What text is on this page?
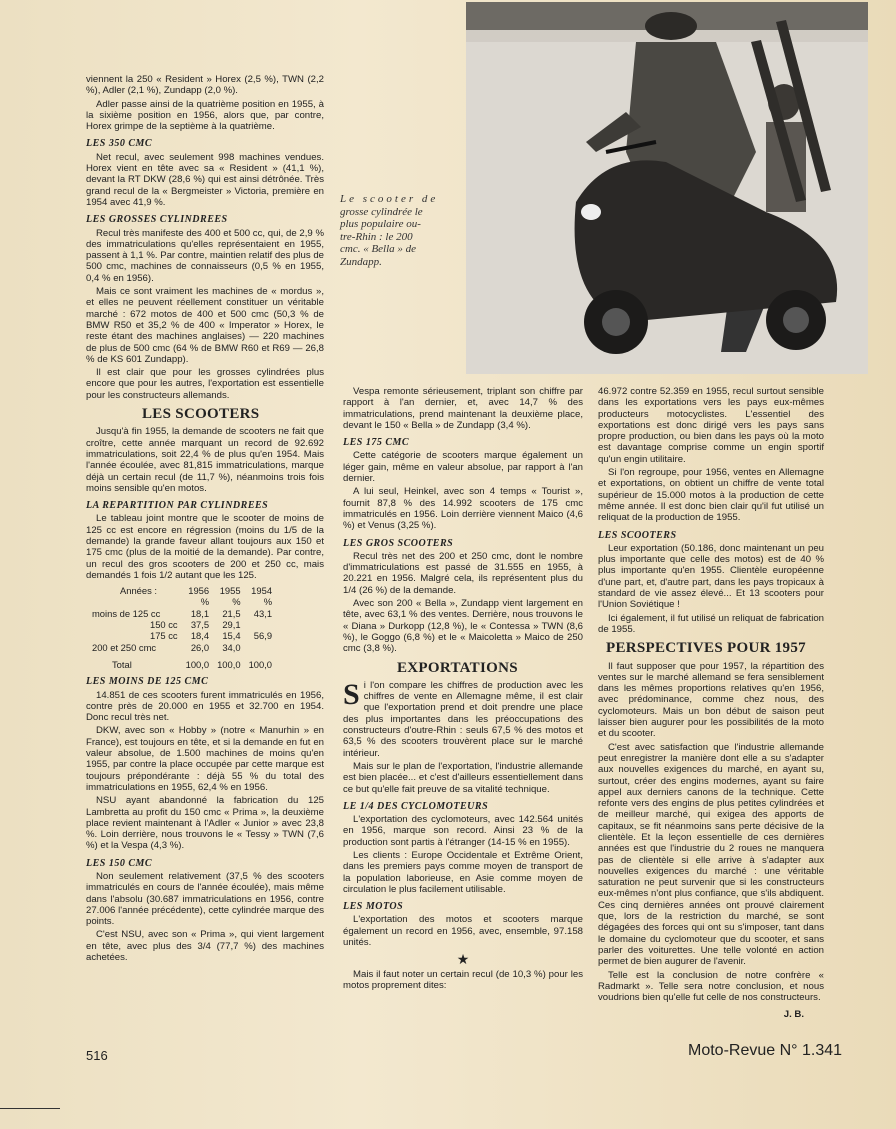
Le scooter de
grosse cylindrée le
plus populaire ou-
tre-Rhin : le 200
cmc. « Bella » de
Zundapp.

viennent la 250 « Resident » Horex (2,5 %), TWN (2,2 %), Adler (2,1 %), Zundapp (2,0 %).

Adler passe ainsi de la quatrième position en 1955, à la sixième position en 1956, alors que, par contre, Horex grimpe de la septième à la quatrième.

LES 350 CMC

Net recul, avec seulement 998 machines vendues. Horex vient en tête avec sa « Resident » (41,1 %), devant la RT DKW (28,6 %) qui est ainsi détrônée. Très grand recul de la « Bergmeister » Victoria, première en 1954 avec 41,9 %.

LES GROSSES CYLINDREES

Recul très manifeste des 400 et 500 cc, qui, de 2,9 % des immatriculations qu'elles représentaient en 1955, passent à 1,1 %. Par contre, maintien relatif des plus de 500 cmc, machines de connaisseurs (0,5 % en 1955, 0,4 % en 1956).

Mais ce sont vraiment les machines de « mordus », et elles ne peuvent réellement constituer un véritable marché : 672 motos de 400 et 500 cmc (50,3 % de BMW R50 et 35,2 % de 400 « Imperator » Horex, le reste étant des machines anglaises) — 220 machines de plus de 500 cmc (64 % de BMW R60 et R69 — 26,8 % de KS 601 Zundapp).

Il est clair que pour les grosses cylindrées plus encore que pour les autres, l'exportation est essentielle pour les constructeurs allemands.

LES SCOOTERS

Jusqu'à fin 1955, la demande de scooters ne fait que croître, cette année marquant un record de 92.692 immatriculations, soit 22,4 % de plus qu'en 1954. Mais l'année écoulée, avec 81,815 immatriculations, marque déjà un certain recul (de 11,7 %), néanmoins trois fois moins sensible qu'en motos.

LA REPARTITION PAR CYLINDREES

Le tableau joint montre que le scooter de moins de 125 cc est encore en régression (moins du 1/5 de la demande) la grande faveur allant toujours aux 150 et 175 cmc (plus de la moitié de la demande). Par contre, un recul des gros scooters de 200 et 250 cc, mais demandés 1 fois 1/2 autant que les 125.

Années :	1956	1955	1954
	%	%	%
moins de 125 cc	18,1	21,5	43,1
150 cc	37,5	29,1	
175 cc	18,4	15,4	56,9
200 et 250 cmc	26,0	34,0	
Total	100,0	100,0	100,0
LES MOINS DE 125 CMC

14.851 de ces scooters furent immatriculés en 1956, contre près de 20.000 en 1955 et 32.700 en 1954. Donc recul très net.

DKW, avec son « Hobby » (notre « Manurhin » en France), est toujours en tête, et si la demande en fut en valeur absolue, de 1.500 machines de moins qu'en 1955, par contre la place occupée par cette marque est toujours prépondérante : déjà 55 % du total des immatriculations en 1955, 62,4 % en 1956.

NSU ayant abandonné la fabrication du 125 Lambretta au profit du 150 cmc « Prima », la deuxième place revient maintenant à l'Adler « Junior » avec 23,8 %. Loin derrière, nous trouvons le « Tessy » TWN (7,6 %) et la Vespa (4,3 %).

LES 150 CMC

Non seulement relativement (37,5 % des scooters immatriculés en cours de l'année écoulée), mais même dans l'absolu (30.687 immatriculations en 1956, contre 27.006 l'année précédente), cette cylindrée marque des points.

C'est NSU, avec son « Prima », qui vient largement en tête, avec plus des 3/4 (77,7 %) des machines achetées.

Vespa remonte sérieusement, triplant son chiffre par rapport à l'an dernier, et, avec 14,7 % des immatriculations, prend maintenant la deuxième place, devant le 150 « Bella » de Zundapp (3,4 %).

LES 175 CMC

Cette catégorie de scooters marque également un léger gain, même en valeur absolue, par rapport à l'an dernier.

A lui seul, Heinkel, avec son 4 temps « Tourist », fournit 87,8 % des 14.992 scooters de 175 cmc immatriculés en 1956. Loin derrière viennent Maico (4,6 %) et Venus (3,25 %).

LES GROS SCOOTERS

Recul très net des 200 et 250 cmc, dont le nombre d'immatriculations est passé de 31.555 en 1955, à 20.221 en 1956. Malgré cela, ils représentent plus du 1/4 (26 %) de la demande.

Avec son 200 « Bella », Zundapp vient largement en tête, avec 63,1 % des ventes. Derrière, nous trouvons le « Diana » Durkopp (12,8 %), le « Contessa » TWN (8,6 %), le Goggo (6,8 %) et le « Maicoletta » Maico de 250 cmc (3,8 %).

EXPORTATIONS

Si l'on compare les chiffres de production avec les chiffres de vente en Allemagne même, il est clair que l'exportation prend et doit prendre une place des plus importantes dans les préoccupations des constructeurs d'outre-Rhin : seuls 67,5 % des motos et 63,5 % des scooters trouvèrent place sur le marché intérieur.

Mais sur le plan de l'exportation, l'industrie allemande est bien placée... et c'est d'ailleurs essentiellement dans ce but qu'elle fait preuve de sa vitalité technique.

LE 1/4 DES CYCLOMOTEURS

L'exportation des cyclomoteurs, avec 142.564 unités en 1956, marque son record. Ainsi 23 % de la production sont partis à l'étranger (14-15 % en 1955).

Les clients : Europe Occidentale et Extrême Orient, dans les premiers pays comme moyen de transport de la population laborieuse, en Asie comme moyen de circulation le plus facilement utilisable.

LES MOTOS

L'exportation des motos et scooters marque également un record en 1956, avec, ensemble, 97.158 unités.

★

Mais il faut noter un certain recul (de 10,3 %) pour les motos proprement dites:

46.972 contre 52.359 en 1955, recul surtout sensible dans les exportations vers les pays eux-mêmes producteurs motocyclistes. L'essentiel des exportations est donc dirigé vers les pays sans propre production, ou bien dans les pays où la moto est davantage comprise comme un engin sportif qu'un engin utilitaire.

Si l'on regroupe, pour 1956, ventes en Allemagne et exportations, on obtient un chiffre de vente total supérieur de 15.000 motos à la production de cette même année. Il est donc bien clair qu'il fut utilisé un reliquat de la production de 1955.

LES SCOOTERS

Leur exportation (50.186, donc maintenant un peu plus importante que celle des motos) est de 40 % plus importante qu'en 1955. Clientèle européenne d'une part, et, d'autre part, dans les pays tropicaux à standard de vie assez élevé... Et 13 scooters pour l'Union Soviétique !

Ici également, il fut utilisé un reliquat de fabrication de 1955.

PERSPECTIVES POUR 1957

Il faut supposer que pour 1957, la répartition des ventes sur le marché allemand se fera sensiblement dans les mêmes proportions relatives qu'en 1956, avec prédominance, comme chez nous, des cyclomoteurs. Mais un bon début de saison peut laisser bien augurer pour les possibilités de la moto et du scooter.

C'est avec satisfaction que l'industrie allemande peut enregistrer la manière dont elle a su s'adapter aux nouvelles exigences du marché, en ayant su, surtout, créer des engins modernes, ayant su faire appel aux derniers canons de la technique. Cette refonte vers des engins de plus petites cylindrées et de meilleur marché, qui exigea des apports de capitaux, se fit néanmoins sans perte décisive de la clientèle. Et la leçon essentielle de ces dernières années est que l'industrie du 2 roues ne manquera pas de clientèle si elle arrive à s'adapter aux nouvelles exigences du marché : une véritable saturation ne peut survenir que si les constructeurs eux-mêmes n'ont plus confiance, que s'ils abdiquent. Ces cinq dernières années ont prouvé clairement que, lors de la restriction du marché, se sont dégagées des forces qui ont su s'imposer, tant dans le domaine du cyclomoteur que du scooter, et sans parler des voiturettes. Une telle volonté en action permet de bien augurer de l'avenir.

Telle est la conclusion de notre confrère « Radmarkt ». Telle sera notre conclusion, et nous voudrions bien qu'elle fut celle de nos constructeurs.

J. B.
516	Moto-Revue N° 1.341
